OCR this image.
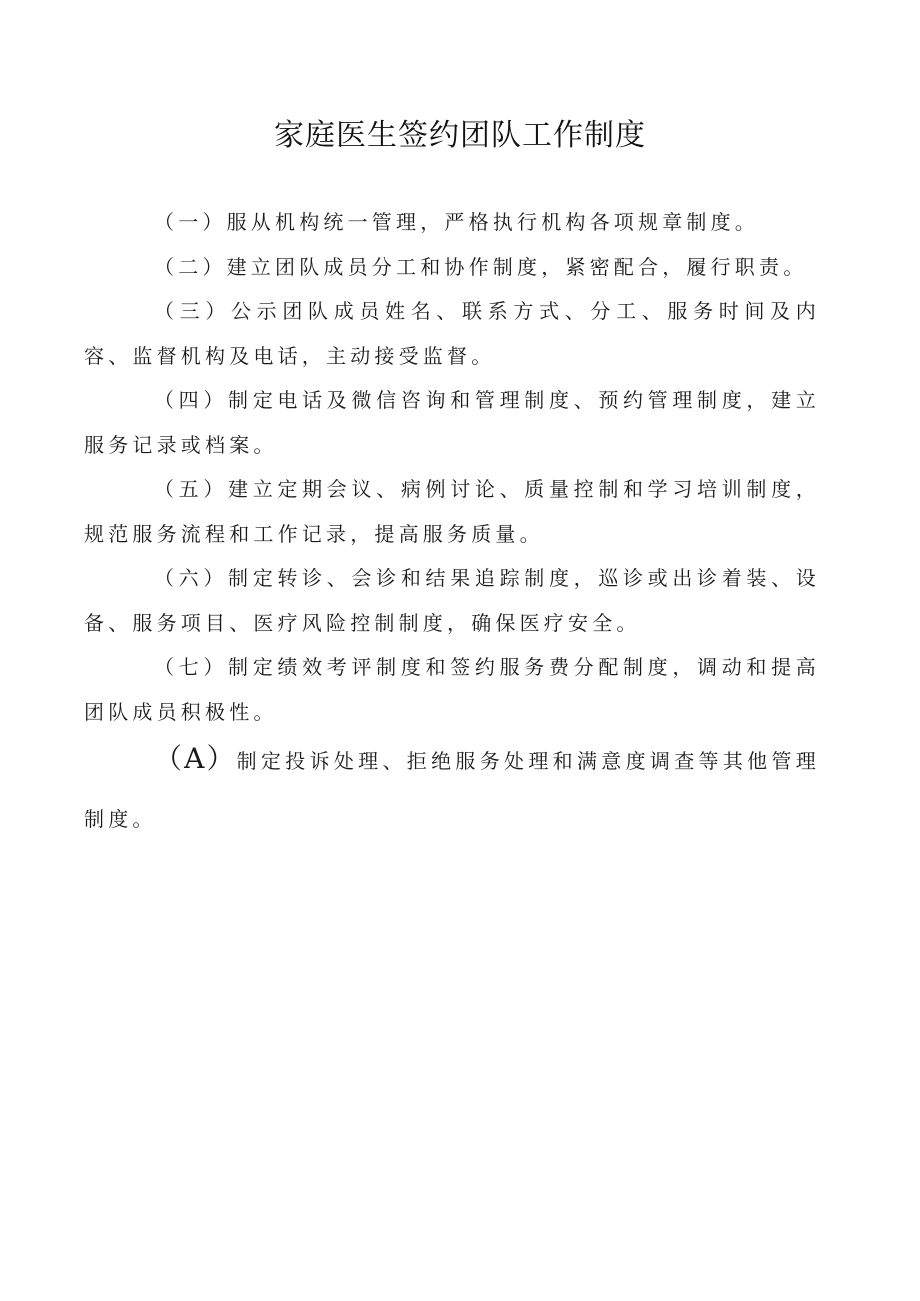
家庭医生签约团队工作制度

（一）服从机构统一管理，严格执行机构各项规章制度。

（二）建立团队成员分工和协作制度，紧密配合，履行职责。

（三）公示团队成员姓名、联系方式、分工、服务时间及内容、监督机构及电话，主动接受监督。

（四）制定电话及微信咨询和管理制度、预约管理制度，建立服务记录或档案。

（五）建立定期会议、病例讨论、质量控制和学习培训制度，规范服务流程和工作记录，提高服务质量。

（六）制定转诊、会诊和结果追踪制度，巡诊或出诊着装、设备、服务项目、医疗风险控制制度，确保医疗安全。

（七）制定绩效考评制度和签约服务费分配制度，调动和提高团队成员积极性。

（A）制定投诉处理、拒绝服务处理和满意度调查等其他管理制度。
